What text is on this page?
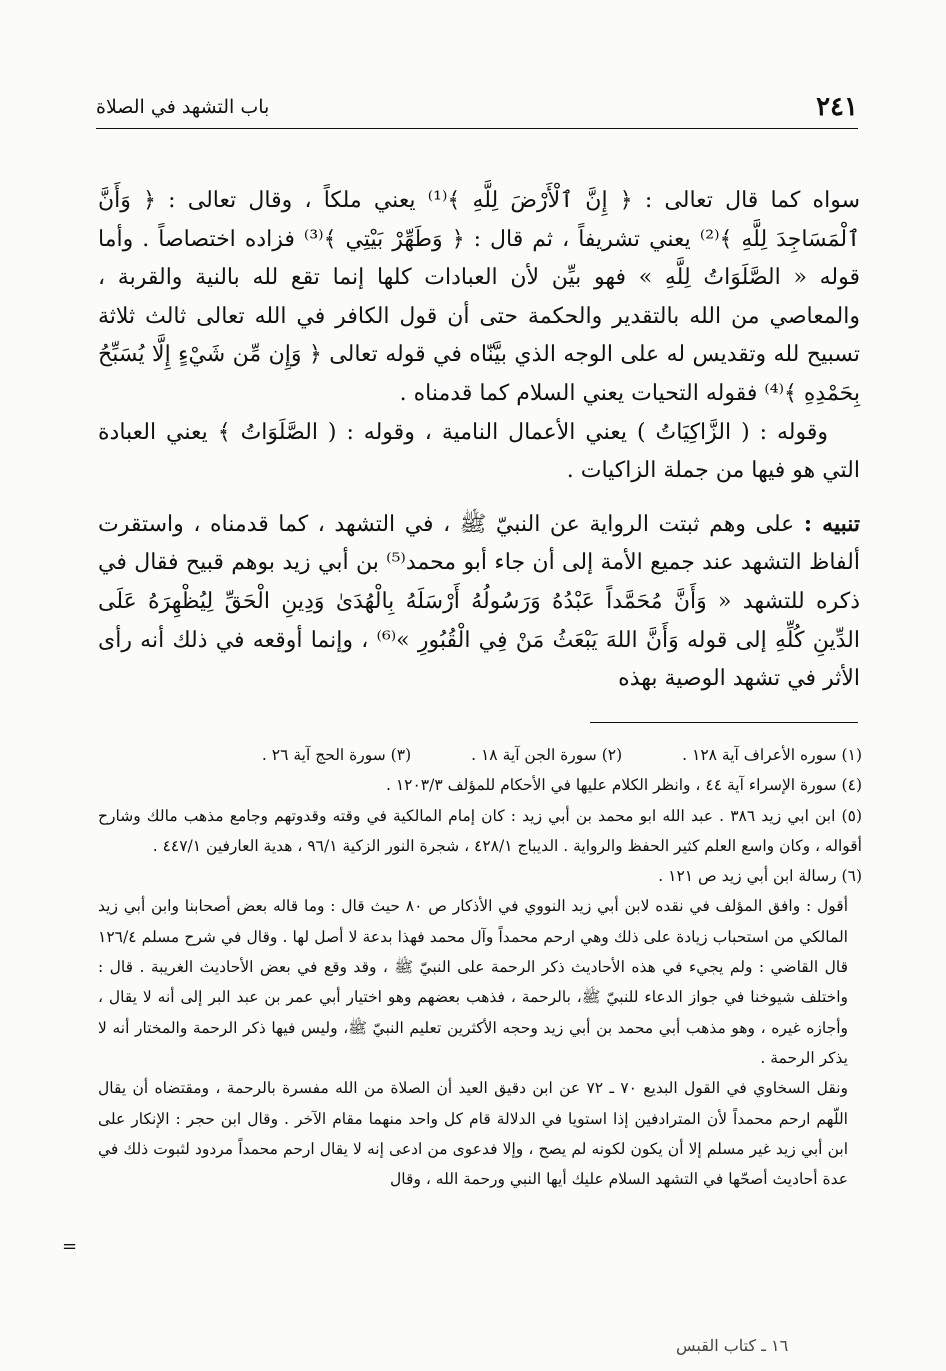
باب التشهد في الصلاة	٢٤١

سواه كما قال تعالى : ﴿ إِنَّ ٱلْأَرْضَ لِلَّهِ ﴾⁽¹⁾ يعني ملكاً ، وقال تعالى : ﴿ وَأَنَّ ٱلْمَسَاجِدَ لِلَّهِ ﴾⁽²⁾ يعني تشريفاً ، ثم قال : ﴿ وَطَهِّرْ بَيْتِي ﴾⁽³⁾ فزاده اختصاصاً . وأما قوله « الصَّلَوَاتُ لِلَّهِ » فهو بيِّن لأن العبادات كلها إنما تقع لله بالنية والقربة ، والمعاصي من الله بالتقدير والحكمة حتى أن قول الكافر في الله تعالى ثالث ثلاثة تسبيح لله وتقديس له على الوجه الذي بيَّنّاه في قوله تعالى ﴿ وَإِن مِّن شَيْءٍ إِلَّا يُسَبِّحُ بِحَمْدِهِ ﴾⁽⁴⁾ فقوله التحيات يعني السلام كما قدمناه .

وقوله : ( الزَّاكِيَاتُ ) يعني الأعمال النامية ، وقوله : ( الصَّلَوَاتُ ﴾ يعني العبادة التي هو فيها من جملة الزاكيات .

تنبيه : على وهم ثبتت الرواية عن النبيّ ﷺ ، في التشهد ، كما قدمناه ، واستقرت ألفاظ التشهد عند جميع الأمة إلى أن جاء أبو محمد⁽⁵⁾ بن أبي زيد بوهم قبيح فقال في ذكره للتشهد « وَأَنَّ مُحَمَّداً عَبْدُهُ وَرَسُولُهُ أَرْسَلَهُ بِالْهُدَىٰ وَدِينِ الْحَقِّ لِيُظْهِرَهُ عَلَى الدِّينِ كُلِّهِ إلى قوله وَأَنَّ اللهَ يَبْعَثُ مَنْ فِي الْقُبُورِ »⁽⁶⁾ ، وإنما أوقعه في ذلك أنه رأى الأثر في تشهد الوصية بهذه

(١) سوره الأعراف آية ١٢٨ .
(٢) سورة الجن آية ١٨ .
(٣) سورة الحج آية ٢٦ .

(٤) سورة الإسراء آية ٤٤ ، وانظر الكلام عليها في الأحكام للمؤلف ١٢٠٣/٣ .

(٥) ابن ابي زيد ٣٨٦ . عبد الله ابو محمد بن أبي زيد : كان إمام المالكية في وقته وقدوتهم وجامع مذهب مالك وشارح أقواله ، وكان واسع العلم كثير الحفظ والرواية . الديباج ٤٢٨/١ ، شجرة النور الزكية ٩٦/١ ، هدية العارفين ٤٤٧/١ .

(٦) رسالة ابن أبي زيد ص ١٢١ .

أقول : وافق المؤلف في نقده لابن أبي زيد النووي في الأذكار ص ٨٠ حيث قال : وما قاله بعض أصحابنا وابن أبي زيد المالكي من استحباب زيادة على ذلك وهي ارحم محمداً وآل محمد فهذا بدعة لا أصل لها . وقال في شرح مسلم ١٢٦/٤ قال القاضي : ولم يجيء في هذه الأحاديث ذكر الرحمة على النبيّ ﷺ ، وقد وقع في بعض الأحاديث الغريبة . قال : واختلف شيوخنا في جواز الدعاء للنبيّ ﷺ، بالرحمة ، فذهب بعضهم وهو اختيار أبي عمر بن عبد البر إلى أنه لا يقال ، وأجازه غيره ، وهو مذهب أبي محمد بن أبي زيد وحجه الأكثرين تعليم النبيّ ﷺ، وليس فيها ذكر الرحمة والمختار أنه لا يذكر الرحمة .

ونقل السخاوي في القول البديع ٧٠ ـ ٧٢ عن ابن دقيق العيد أن الصلاة من الله مفسرة بالرحمة ، ومقتضاه أن يقال اللّهم ارحم محمداً لأن المترادفين إذا استويا في الدلالة قام كل واحد منهما مقام الآخر . وقال ابن حجر : الإنكار على ابن أبي زيد غير مسلم إلا أن يكون لكونه لم يصح ، وإلا فدعوى من ادعى إنه لا يقال ارحم محمداً مردود لثبوت ذلك في عدة أحاديث أصحّها في التشهد السلام عليك أيها النبي ورحمة الله ، وقال

=
١٦ ـ كتاب القبس
